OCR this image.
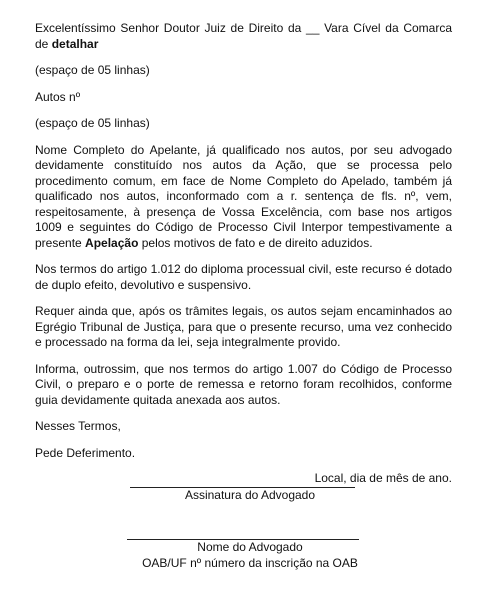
Excelentíssimo Senhor Doutor Juiz de Direito da __ Vara Cível da Comarca
de detalhar

(espaço de 05 linhas)

Autos nº

(espaço de 05 linhas)

Nome Completo do Apelante, já qualificado nos autos, por seu advogado devidamente constituído nos autos da Ação, que se processa pelo procedimento comum, em face de Nome Completo do Apelado, também já qualificado nos autos, inconformado com a r. sentença de fls. nº, vem, respeitosamente, à presença de Vossa Excelência, com base nos artigos 1009 e seguintes do Código de Processo Civil Interpor tempestivamente a presente Apelação pelos motivos de fato e de direito aduzidos.

Nos termos do artigo 1.012 do diploma processual civil, este recurso é dotado de duplo efeito, devolutivo e suspensivo.

Requer ainda que, após os trâmites legais, os autos sejam encaminhados ao Egrégio Tribunal de Justiça, para que o presente recurso, uma vez conhecido e processado na forma da lei, seja integralmente provido.

Informa, outrossim, que nos termos do artigo 1.007 do Código de Processo Civil, o preparo e o porte de remessa e retorno foram recolhidos, conforme guia devidamente quitada anexada aos autos.

Nesses Termos,

Pede Deferimento.

Local, dia de mês de ano.

Assinatura do Advogado
Nome do Advogado
OAB/UF nº número da inscrição na OAB
